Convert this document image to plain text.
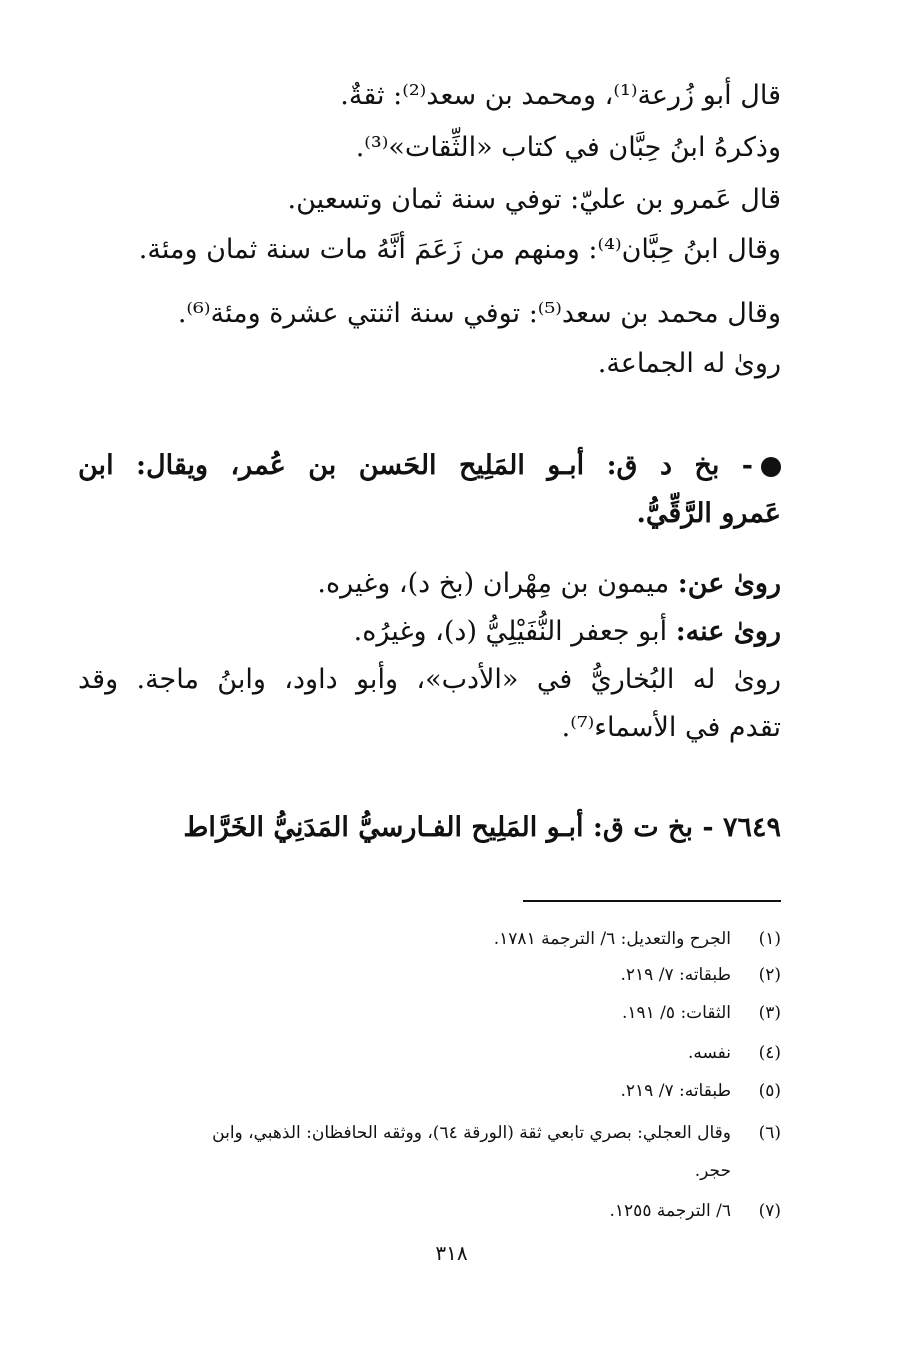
قال أبو زُرعة⁽¹⁾، ومحمد بن سعد⁽²⁾: ثقةٌ.
وذكرهُ ابنُ حِبَّان في كتاب «الثِّقات»⁽³⁾.
قال عَمرو بن عليّ: توفي سنة ثمان وتسعين.
وقال ابنُ حِبَّان⁽⁴⁾: ومنهم من زَعَمَ أنَّهُ مات سنة ثمان ومئة.
وقال محمد بن سعد⁽⁵⁾: توفي سنة اثنتي عشرة ومئة⁽⁶⁾.
روىٰ له الجماعة.
- بخ د ق: أبـو المَلِيح الحَسن بن عُمر، ويقال: ابن
عَمرو الرَّقِّيُّ.
روىٰ عن: ميمون بن مِهْران (بخ د)، وغيره.
روىٰ عنه: أبو جعفر النُّفَيْلِيُّ (د)، وغيرُه.
روىٰ له البُخاريُّ في «الأدب»، وأبو داود، وابنُ ماجة. وقد
تقدم في الأسماء⁽⁷⁾.
٧٦٤٩ - بخ ت ق: أبـو المَلِيح الفـارسيُّ المَدَنِيُّ الخَرَّاط
(١)الجرح والتعديل: ٦/ الترجمة ١٧٨١.
(٢)طبقاته: ٧/ ٢١٩.
(٣)الثقات: ٥/ ١٩١.
(٤)نفسه.
(٥)طبقاته: ٧/ ٢١٩.
(٦)وقال العجلي: بصري تابعي ثقة (الورقة ٦٤)، ووثقه الحافظان: الذهبي، وابن
حجر.
(٧)٦/ الترجمة ١٢٥٥.
٣١٨
